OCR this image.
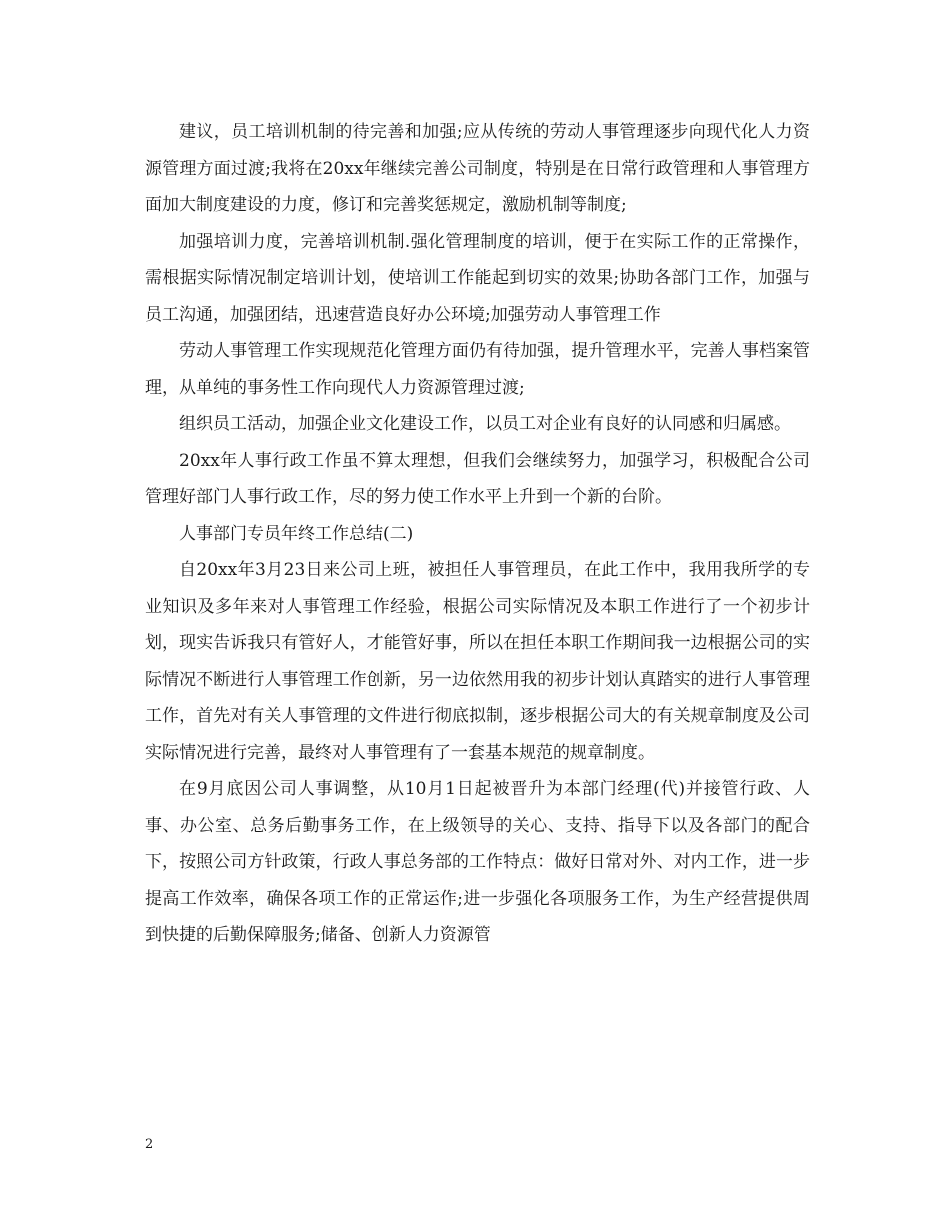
建议，员工培训机制的待完善和加强;应从传统的劳动人事管理逐步向现代化人力资源管理方面过渡;我将在20xx年继续完善公司制度，特别是在日常行政管理和人事管理方面加大制度建设的力度，修订和完善奖惩规定，激励机制等制度;

加强培训力度，完善培训机制.强化管理制度的培训，便于在实际工作的正常操作，需根据实际情况制定培训计划，使培训工作能起到切实的效果;协助各部门工作，加强与员工沟通，加强团结，迅速营造良好办公环境;加强劳动人事管理工作

劳动人事管理工作实现规范化管理方面仍有待加强，提升管理水平，完善人事档案管理，从单纯的事务性工作向现代人力资源管理过渡;

组织员工活动，加强企业文化建设工作，以员工对企业有良好的认同感和归属感。

20xx年人事行政工作虽不算太理想，但我们会继续努力，加强学习，积极配合公司管理好部门人事行政工作，尽的努力使工作水平上升到一个新的台阶。

人事部门专员年终工作总结(二)

自20xx年3月23日来公司上班，被担任人事管理员，在此工作中，我用我所学的专业知识及多年来对人事管理工作经验，根据公司实际情况及本职工作进行了一个初步计划，现实告诉我只有管好人，才能管好事，所以在担任本职工作期间我一边根据公司的实际情况不断进行人事管理工作创新，另一边依然用我的初步计划认真踏实的进行人事管理工作，首先对有关人事管理的文件进行彻底拟制，逐步根据公司大的有关规章制度及公司实际情况进行完善，最终对人事管理有了一套基本规范的规章制度。

在9月底因公司人事调整，从10月1日起被晋升为本部门经理(代)并接管行政、人事、办公室、总务后勤事务工作，在上级领导的关心、支持、指导下以及各部门的配合下，按照公司方针政策，行政人事总务部的工作特点：做好日常对外、对内工作，进一步提高工作效率，确保各项工作的正常运作;进一步强化各项服务工作，为生产经营提供周到快捷的后勤保障服务;储备、创新人力资源管

2
